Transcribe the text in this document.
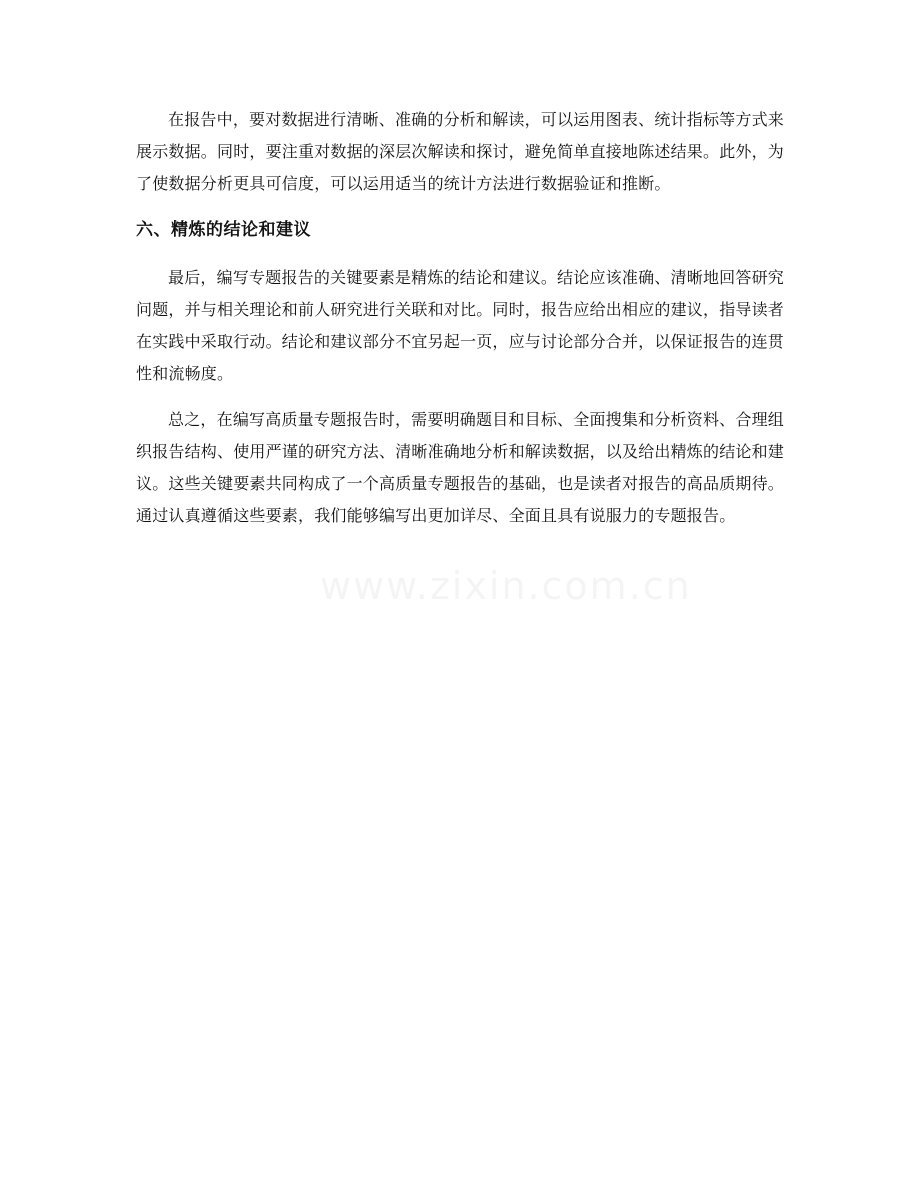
在报告中，要对数据进行清晰、准确的分析和解读，可以运用图表、统计指标等方式来展示数据。同时，要注重对数据的深层次解读和探讨，避免简单直接地陈述结果。此外，为了使数据分析更具可信度，可以运用适当的统计方法进行数据验证和推断。

六、精炼的结论和建议

最后，编写专题报告的关键要素是精炼的结论和建议。结论应该准确、清晰地回答研究问题，并与相关理论和前人研究进行关联和对比。同时，报告应给出相应的建议，指导读者在实践中采取行动。结论和建议部分不宜另起一页，应与讨论部分合并，以保证报告的连贯性和流畅度。

总之，在编写高质量专题报告时，需要明确题目和目标、全面搜集和分析资料、合理组织报告结构、使用严谨的研究方法、清晰准确地分析和解读数据，以及给出精炼的结论和建议。这些关键要素共同构成了一个高质量专题报告的基础，也是读者对报告的高品质期待。通过认真遵循这些要素，我们能够编写出更加详尽、全面且具有说服力的专题报告。
